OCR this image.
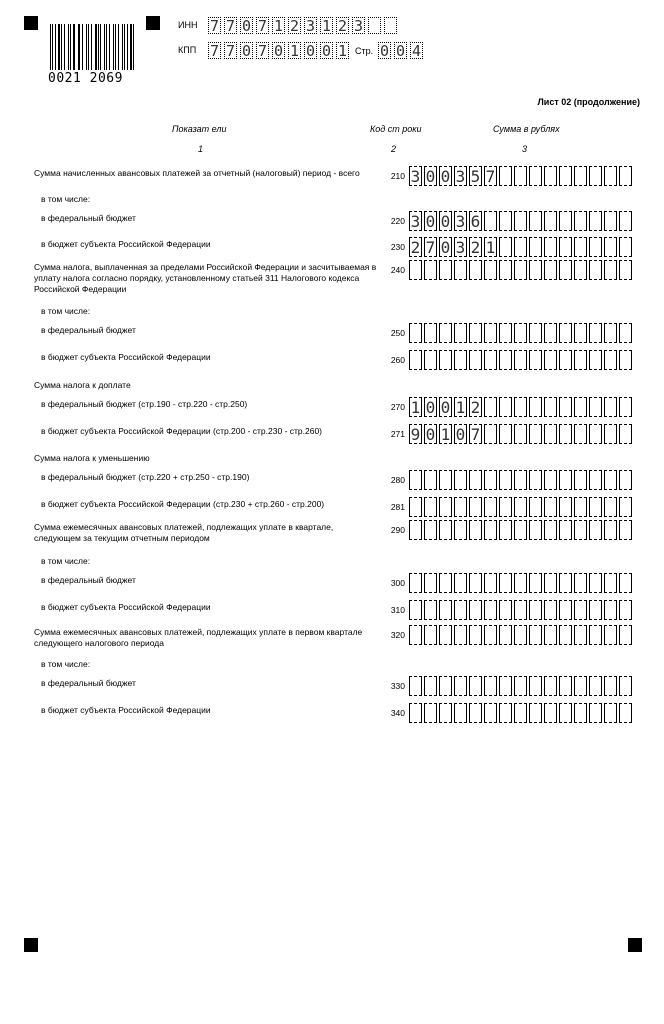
0021 2069
ИНН 7 7 0 7 1 2 3 1 2 3
КПП 7 7 0 7 0 1 0 0 1 Стр. 0 0 4
Лист 02 (продолжение)
Показат ели	Код ст роки	Сумма в рублях
1	2	3
Сумма начисленных авансовых платежей за отчетный (налоговый) период - всего	210 3 0 0 3 5 7
в том числе:
в федеральный бюджет	220 3 0 0 3 6
в бюджет субъекта Российской Федерации	230 2 7 0 3 2 1
Сумма налога, выплаченная за пределами Российской Федерации и засчитываемая в уплату налога согласно порядку, установленному статьей 311 Налогового кодекса Российской Федерации
240
в том числе:
в федеральный бюджет	250
в бюджет субъекта Российской Федерации	260
Сумма налога к доплате
в федеральный бюджет (стр.190 - стр.220 - стр.250)	270 1 0 0 1 2
в бюджет субъекта Российской Федерации (стр.200 - стр.230 - стр.260)	271 9 0 1 0 7
Сумма налога к уменьшению
в федеральный бюджет (стр.220 + стр.250 - стр.190)	280
в бюджет субъекта Российской Федерации (стр.230 + стр.260 - стр.200)	281
Сумма ежемесячных авансовых платежей, подлежащих уплате в квартале, следующем за текущим отчетным периодом
290
в том числе:
в федеральный бюджет	300
в бюджет субъекта Российской Федерации	310
Сумма ежемесячных авансовых платежей, подлежащих уплате в первом квартале следующего налогового периода
320
в том числе:
в федеральный бюджет	330
в бюджет субъекта Российской Федерации	340
